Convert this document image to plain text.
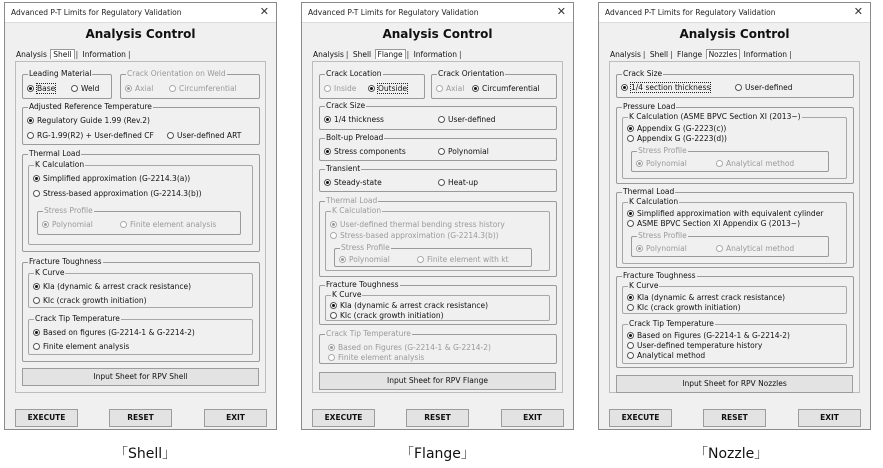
Advanced P-T Limits for Regulatory Validation	✕
Analysis Control
Analysis Shell | Information |
Leading Material
Base	Weld
Crack Orientation on Weld
Axial	Circumferential
Adjusted Reference Temperature
Regulatory Guide 1.99 (Rev.2)
RG-1.99(R2) + User-defined CF	User-defined ART
Thermal Load
K Calculation
Simplified approximation (G-2214.3(a))
Stress-based approximation (G-2214.3(b))
Stress Profile
Polynomial	Finite element analysis
Fracture Toughness
K Curve
KIa (dynamic & arrest crack resistance)
KIc (crack growth initiation)
Crack Tip Temperature
Based on figures (G-2214-1 & G-2214-2)
Finite element analysis
Input Sheet for RPV Shell
EXECUTE	RESET	EXIT
「Shell」
Advanced P-T Limits for Regulatory Validation	✕
Analysis Control
Analysis | Shell Flange | Information |
Crack Location
Inside	Outside
Crack Orientation
Axial	Circumferential
Crack Size
1/4 thickness	User-defined
Bolt-up Preload
Stress components	Polynomial
Transient
Steady-state	Heat-up
Thermal Load
K Calculation
User-defined thermal bending stress history
Stress-based approximation (G-2214.3(b))
Stress Profile
Polynomial	Finite element with kt
Fracture Toughness
K Curve
KIa (dynamic & arrest crack resistance)
KIc (crack growth initiation)
Crack Tip Temperature
Based on Figures (G-2214-1 & G-2214-2)
Finite element analysis
Input Sheet for RPV Flange
EXECUTE	RESET	EXIT
「Flange」
Advanced P-T Limits for Regulatory Validation	✕
Analysis Control
Analysis | Shell | Flange Nozzles Information |
Crack Size
1/4 section thickness	User-defined
Pressure Load
K Calculation (ASME BPVC Section XI (2013~)
Appendix G (G-2223(c))
Appendix G (G-2223(d))
Stress Profile
Polynomial	Analytical method
Thermal Load
K Calculation
Simplified approximation with equivalent cylinder
ASME BPVC Section XI Appendix G (2013~)
Stress Profile
Polynomial	Analytical method
Fracture Toughness
K Curve
KIa (dynamic & arrest crack resistance)
KIc (crack growth initiation)
Crack Tip Temperature
Based on Figures (G-2214-1 & G-2214-2)
User-defined temperature history
Analytical method
Input Sheet for RPV Nozzles
EXECUTE	RESET	EXIT
「Nozzle」
